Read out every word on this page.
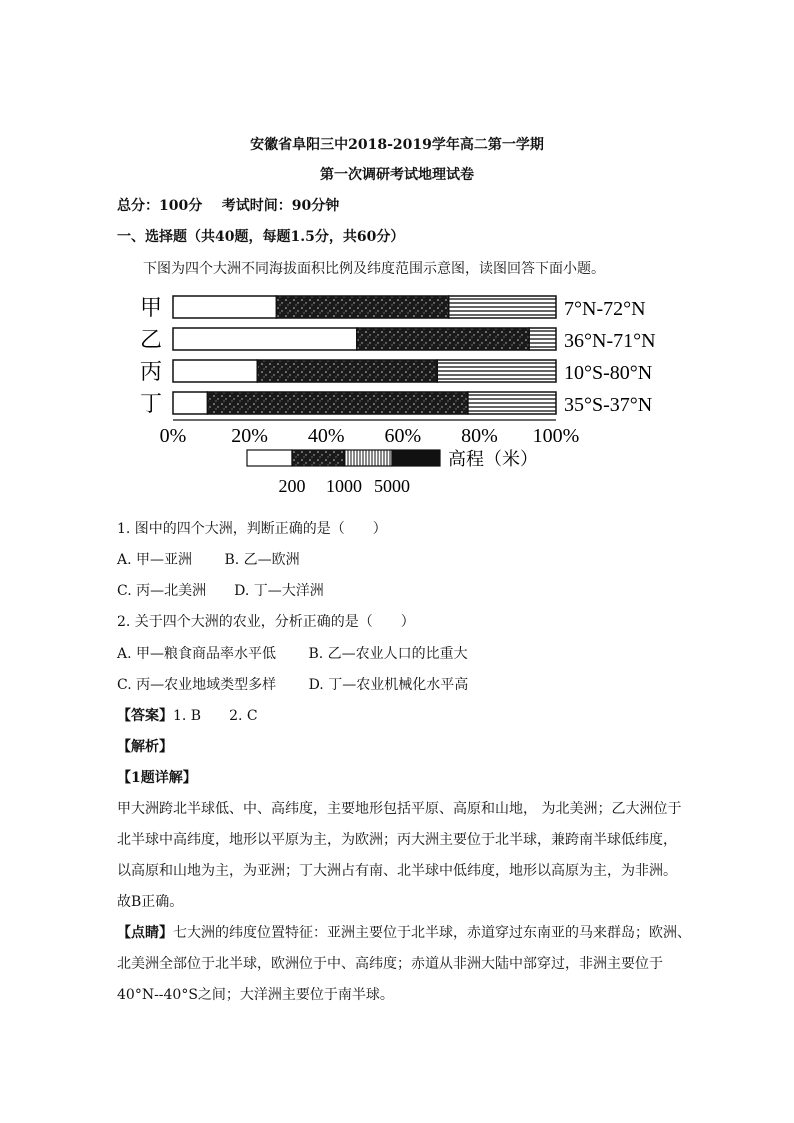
安徽省阜阳三中2018-2019学年高二第一学期
第一次调研考试地理试卷
总分：100分    考试时间：90分钟
一、选择题（共40题，每题1.5分，共60分）
下图为四个大洲不同海拔面积比例及纬度范围示意图，读图回答下面小题。
甲	7°N-72°N
乙	36°N-71°N
丙	10°S-80°N
丁	35°S-37°N
0% 20% 40% 60% 80% 100%
高程（米）
200 1000 5000
1. 图中的四个大洲，判断正确的是（　　）
A. 甲—亚洲　　 B. 乙—欧洲
C. 丙—北美洲　　D. 丁—大洋洲
2. 关于四个大洲的农业，分析正确的是（　　）
A. 甲—粮食商品率水平低　　 B. 乙—农业人口的比重大
C. 丙—农业地域类型多样　　 D. 丁—农业机械化水平高
【答案】1. B　　2. C
【解析】
【1题详解】
甲大洲跨北半球低、中、高纬度，主要地形包括平原、高原和山地， 为北美洲；乙大洲位于
北半球中高纬度，地形以平原为主，为欧洲；丙大洲主要位于北半球，兼跨南半球低纬度，
以高原和山地为主，为亚洲；丁大洲占有南、北半球中低纬度，地形以高原为主，为非洲。
故B正确。
【点睛】七大洲的纬度位置特征：亚洲主要位于北半球，赤道穿过东南亚的马来群岛；欧洲、
北美洲全部位于北半球，欧洲位于中、高纬度；赤道从非洲大陆中部穿过，非洲主要位于
40°N--40°S之间；大洋洲主要位于南半球。
